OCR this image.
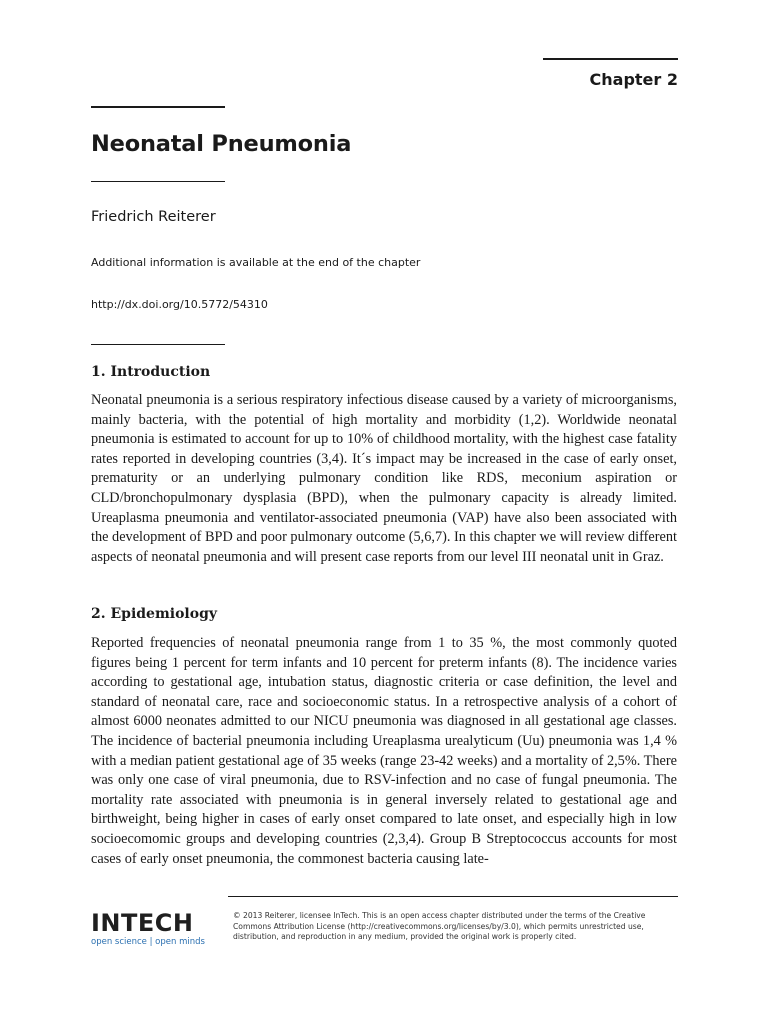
Chapter 2
Neonatal Pneumonia
Friedrich Reiterer
Additional information is available at the end of the chapter
http://dx.doi.org/10.5772/54310
1. Introduction

Neonatal pneumonia is a serious respiratory infectious disease caused by a variety of microorganisms, mainly bacteria, with the potential of high mortality and morbidity (1,2). Worldwide neonatal pneumonia is estimated to account for up to 10% of childhood mortality, with the highest case fatality rates reported in developing countries (3,4). It´s impact may be increased in the case of early onset, prematurity or an underlying pulmonary condition like RDS, meconium aspiration or CLD/bronchopulmonary dysplasia (BPD), when the pulmonary capacity is already limited. Ureaplasma pneumonia and ventilator-associated pneumonia (VAP) have also been associated with the development of BPD and poor pulmonary outcome (5,6,7). In this chapter we will review different aspects of neonatal pneumonia and will present case reports from our level III neonatal unit in Graz.

2. Epidemiology

Reported frequencies of neonatal pneumonia range from 1 to 35 %, the most commonly quoted figures being 1 percent for term infants and 10 percent for preterm infants (8). The incidence varies according to gestational age, intubation status, diagnostic criteria or case definition, the level and standard of neonatal care, race and socioeconomic status. In a retrospective analysis of a cohort of almost 6000 neonates admitted to our NICU pneumonia was diagnosed in all gestational age classes. The incidence of bacterial pneumonia including Ureaplasma urealyticum (Uu) pneumonia was 1,4 % with a median patient gestational age of 35 weeks (range 23-42 weeks) and a mortality of 2,5%. There was only one case of viral pneumonia, due to RSV-infection and no case of fungal pneumonia. The mortality rate associated with pneumonia is in general inversely related to gestational age and birthweight, being higher in cases of early onset compared to late onset, and especially high in low socioecomomic groups and developing countries (2,3,4). Group B Streptococcus accounts for most cases of early onset pneumonia, the commonest bacteria causing late-

INTECH
open science | open minds
© 2013 Reiterer, licensee InTech. This is an open access chapter distributed under the terms of the Creative Commons Attribution License (http://creativecommons.org/licenses/by/3.0), which permits unrestricted use, distribution, and reproduction in any medium, provided the original work is properly cited.
